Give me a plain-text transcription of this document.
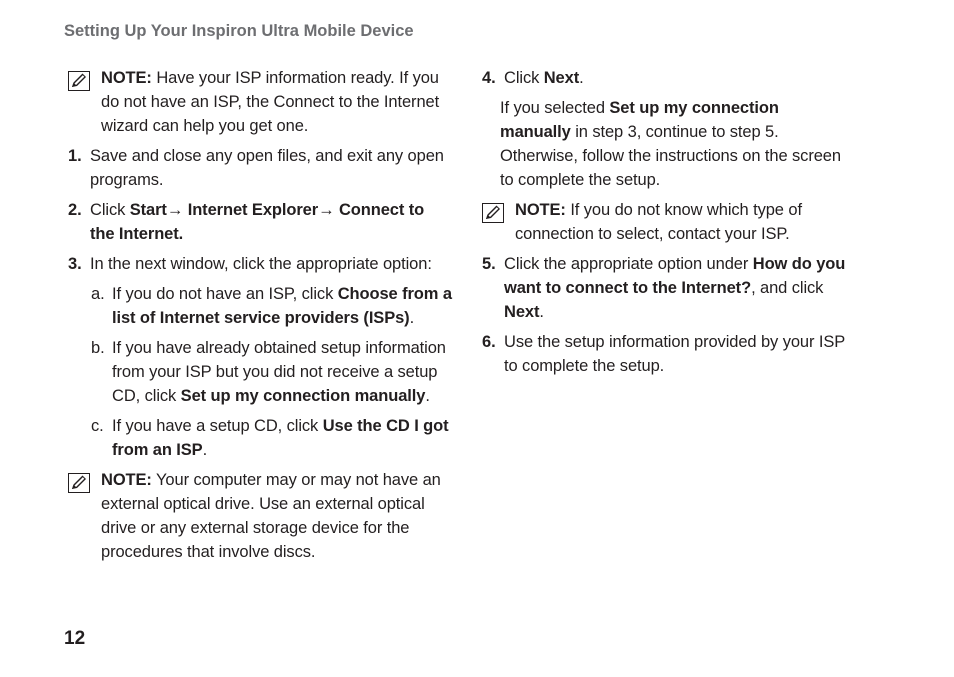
Setting Up Your Inspiron Ultra Mobile Device
NOTE: Have your ISP information ready. If you do not have an ISP, the Connect to the Internet wizard can help you get one.
1. Save and close any open files, and exit any open programs.
2. Click Start→ Internet Explorer→ Connect to the Internet.
3. In the next window, click the appropriate option:
a. If you do not have an ISP, click Choose from a list of Internet service providers (ISPs).
b. If you have already obtained setup information from your ISP but you did not receive a setup CD, click Set up my connection manually.
c. If you have a setup CD, click Use the CD I got from an ISP.
NOTE: Your computer may or may not have an external optical drive. Use an external optical drive or any external storage device for the procedures that involve discs.
4. Click Next.
If you selected Set up my connection manually in step 3, continue to step 5. Otherwise, follow the instructions on the screen to complete the setup.
NOTE: If you do not know which type of connection to select, contact your ISP.
5. Click the appropriate option under How do you want to connect to the Internet?, and click Next.
6. Use the setup information provided by your ISP to complete the setup.
12
